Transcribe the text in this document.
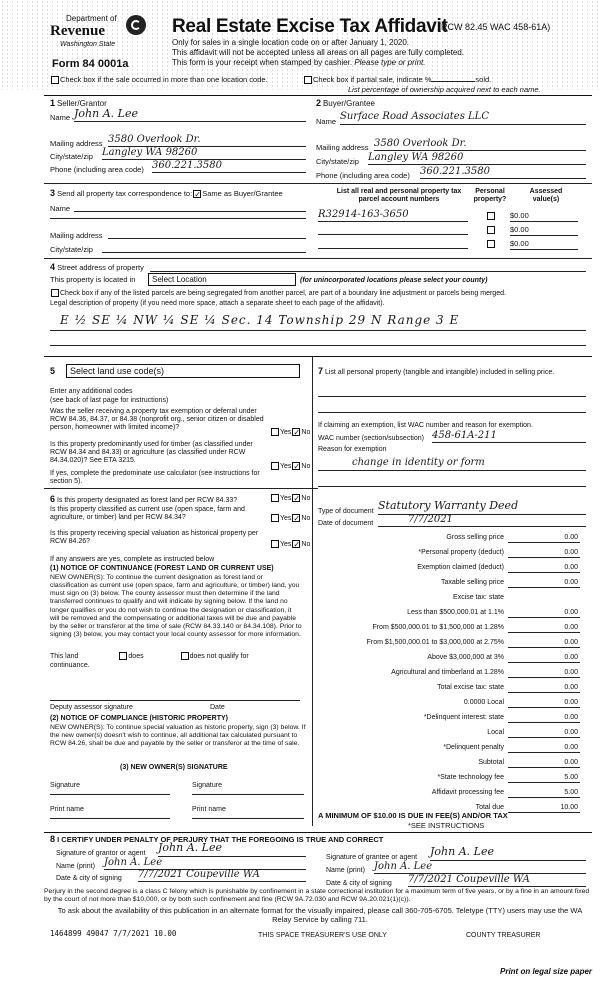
Department of
Revenue
Washington State
Form 84 0001a
Real Estate Excise Tax Affidavit
(RCW 82.45 WAC 458-61A)
Only for sales in a single location code on or after January 1, 2020.
This affidavit will not be accepted unless all areas on all pages are fully completed.
This form is your receipt when stamped by cashier. Please type or print.
Check box if the sale occurred in more than one location code.	Check box if partial sale, indicate %	sold.
List percentage of ownership acquired next to each name.
1 Seller/Grantor
Name John A. Lee
Mailing address 3580 Overlook Dr.
City/state/zip Langley WA 98260
Phone (including area code) 360.221.3580
2 Buyer/Grantee
Name Surface Road Associates LLC
Mailing address 3580 Overlook Dr.
City/state/zip Langley WA 98260
Phone (including area code) 360.221.3580
3 Send all property tax correspondence to: ✓ Same as Buyer/Grantee
Name
Mailing address
City/state/zip
List all real and personal property tax
parcel account numbers
Personal
property?
Assessed
value(s)
R32914-163-3650	$0.00
$0.00
$0.00
4 Street address of property
This property is located in	Select Location	(for unincorporated locations please select your county)
Check box if any of the listed parcels are being segregated from another parcel, are part of a boundary line adjustment or parcels being merged.
Legal description of property (if you need more space, attach a separate sheet to each page of the affidavit).
E ½ SE ¼ NW ¼ SE ¼ Sec. 14 Township 29 N Range 3 E
5	Select land use code(s)
Enter any additional codes
(see back of last page for instructions)
Was the seller receiving a property tax exemption or deferral under RCW 84.36, 84.37, or 84.38 (nonprofit org., senior citizen or disabled person, homeowner with limited income)?
Yes ✓ No
Is this property predominantly used for timber (as classified under RCW 84.34 and 84.33) or agriculture (as classified under RCW 84.34.020)? See ETA 3215.
Yes ✓ No
If yes, complete the predominate use calculator (see instructions for section 5).
6 Is this property designated as forest land per RCW 84.33?	Yes ✓ No
Is this property classified as current use (open space, farm and agriculture, or timber) land per RCW 84.34?	Yes ✓ No
Is this property receiving special valuation as historical property per RCW 84.26?	Yes ✓ No
If any answers are yes, complete as instructed below
(1) NOTICE OF CONTINUANCE (FOREST LAND OR CURRENT USE)
NEW OWNER(S): To continue the current designation as forest land or classification as current use (open space, farm and agriculture, or timber) land, you must sign on (3) below. The county assessor must then determine if the land transferred continues to qualify and will indicate by signing below. If the land no longer qualifies or you do not wish to continue the designation or classification, it will be removed and the compensating or additional taxes will be due and payable by the seller or transferor at the time of sale (RCW 84.33.140 or 84.34.108). Prior to signing (3) below, you may contact your local county assessor for more information.
This land	does	does not qualify for
continuance.
Deputy assessor signature	Date
(2) NOTICE OF COMPLIANCE (HISTORIC PROPERTY)
NEW OWNER(S): To continue special valuation as historic property, sign (3) below. If the new owner(s) doesn't wish to continue, all additional tax calculated pursuant to RCW 84.26, shall be due and payable by the seller or transferor at the time of sale.
(3) NEW OWNER(S) SIGNATURE
Signature	Signature
Print name	Print name
7 List all personal property (tangible and intangible) included in selling price.
If claiming an exemption, list WAC number and reason for exemption.
WAC number (section/subsection) 458-61A-211
Reason for exemption
change in identity or form
Type of document Statutory Warranty Deed
Date of document	7/7/2021
Gross selling price	0.00
*Personal property (deduct)	0.00
Exemption claimed (deduct)	0.00
Taxable selling price	0.00
Excise tax: state
Less than $500,000.01 at 1.1%	0.00
From $500,000.01 to $1,500,000 at 1.28%	0.00
From $1,500,000.01 to $3,000,000 at 2.75%	0.00
Above $3,000,000 at 3%	0.00
Agricultural and timberland at 1.28%	0.00
Total excise tax: state	0.00
0.0000 Local	0.00
*Delinquent interest: state	0.00
Local	0.00
*Delinquent penalty	0.00
Subtotal	0.00
*State technology fee	5.00
Affidavit processing fee	5.00
Total due	10.00
A MINIMUM OF $10.00 IS DUE IN FEE(S) AND/OR TAX
*SEE INSTRUCTIONS
8 I CERTIFY UNDER PENALTY OF PERJURY THAT THE FOREGOING IS TRUE AND CORRECT
Signature of grantor or agent John A. Lee
Name (print) John A. Lee
Date & city of signing 7/7/2021 Coupeville WA
Signature of grantee or agent John A. Lee
Name (print) John A. Lee
Date & city of signing 7/7/2021 Coupeville WA
Perjury in the second degree is a class C felony which is punishable by confinement in a state correctional institution for a maximum term of five years, or by a fine in an amount fixed by the court of not more than $10,000, or by both such confinement and fine (RCW 9A.72.030 and RCW 9A.20.021(1)(c)).
To ask about the availability of this publication in an alternate format for the visually impaired, please call 360-705-6705. Teletype (TTY) users may use the WA Relay Service by calling 711.
1464899 49047 7/7/2021 10.00	THIS SPACE TREASURER'S USE ONLY	COUNTY TREASURER
Print on legal size paper
